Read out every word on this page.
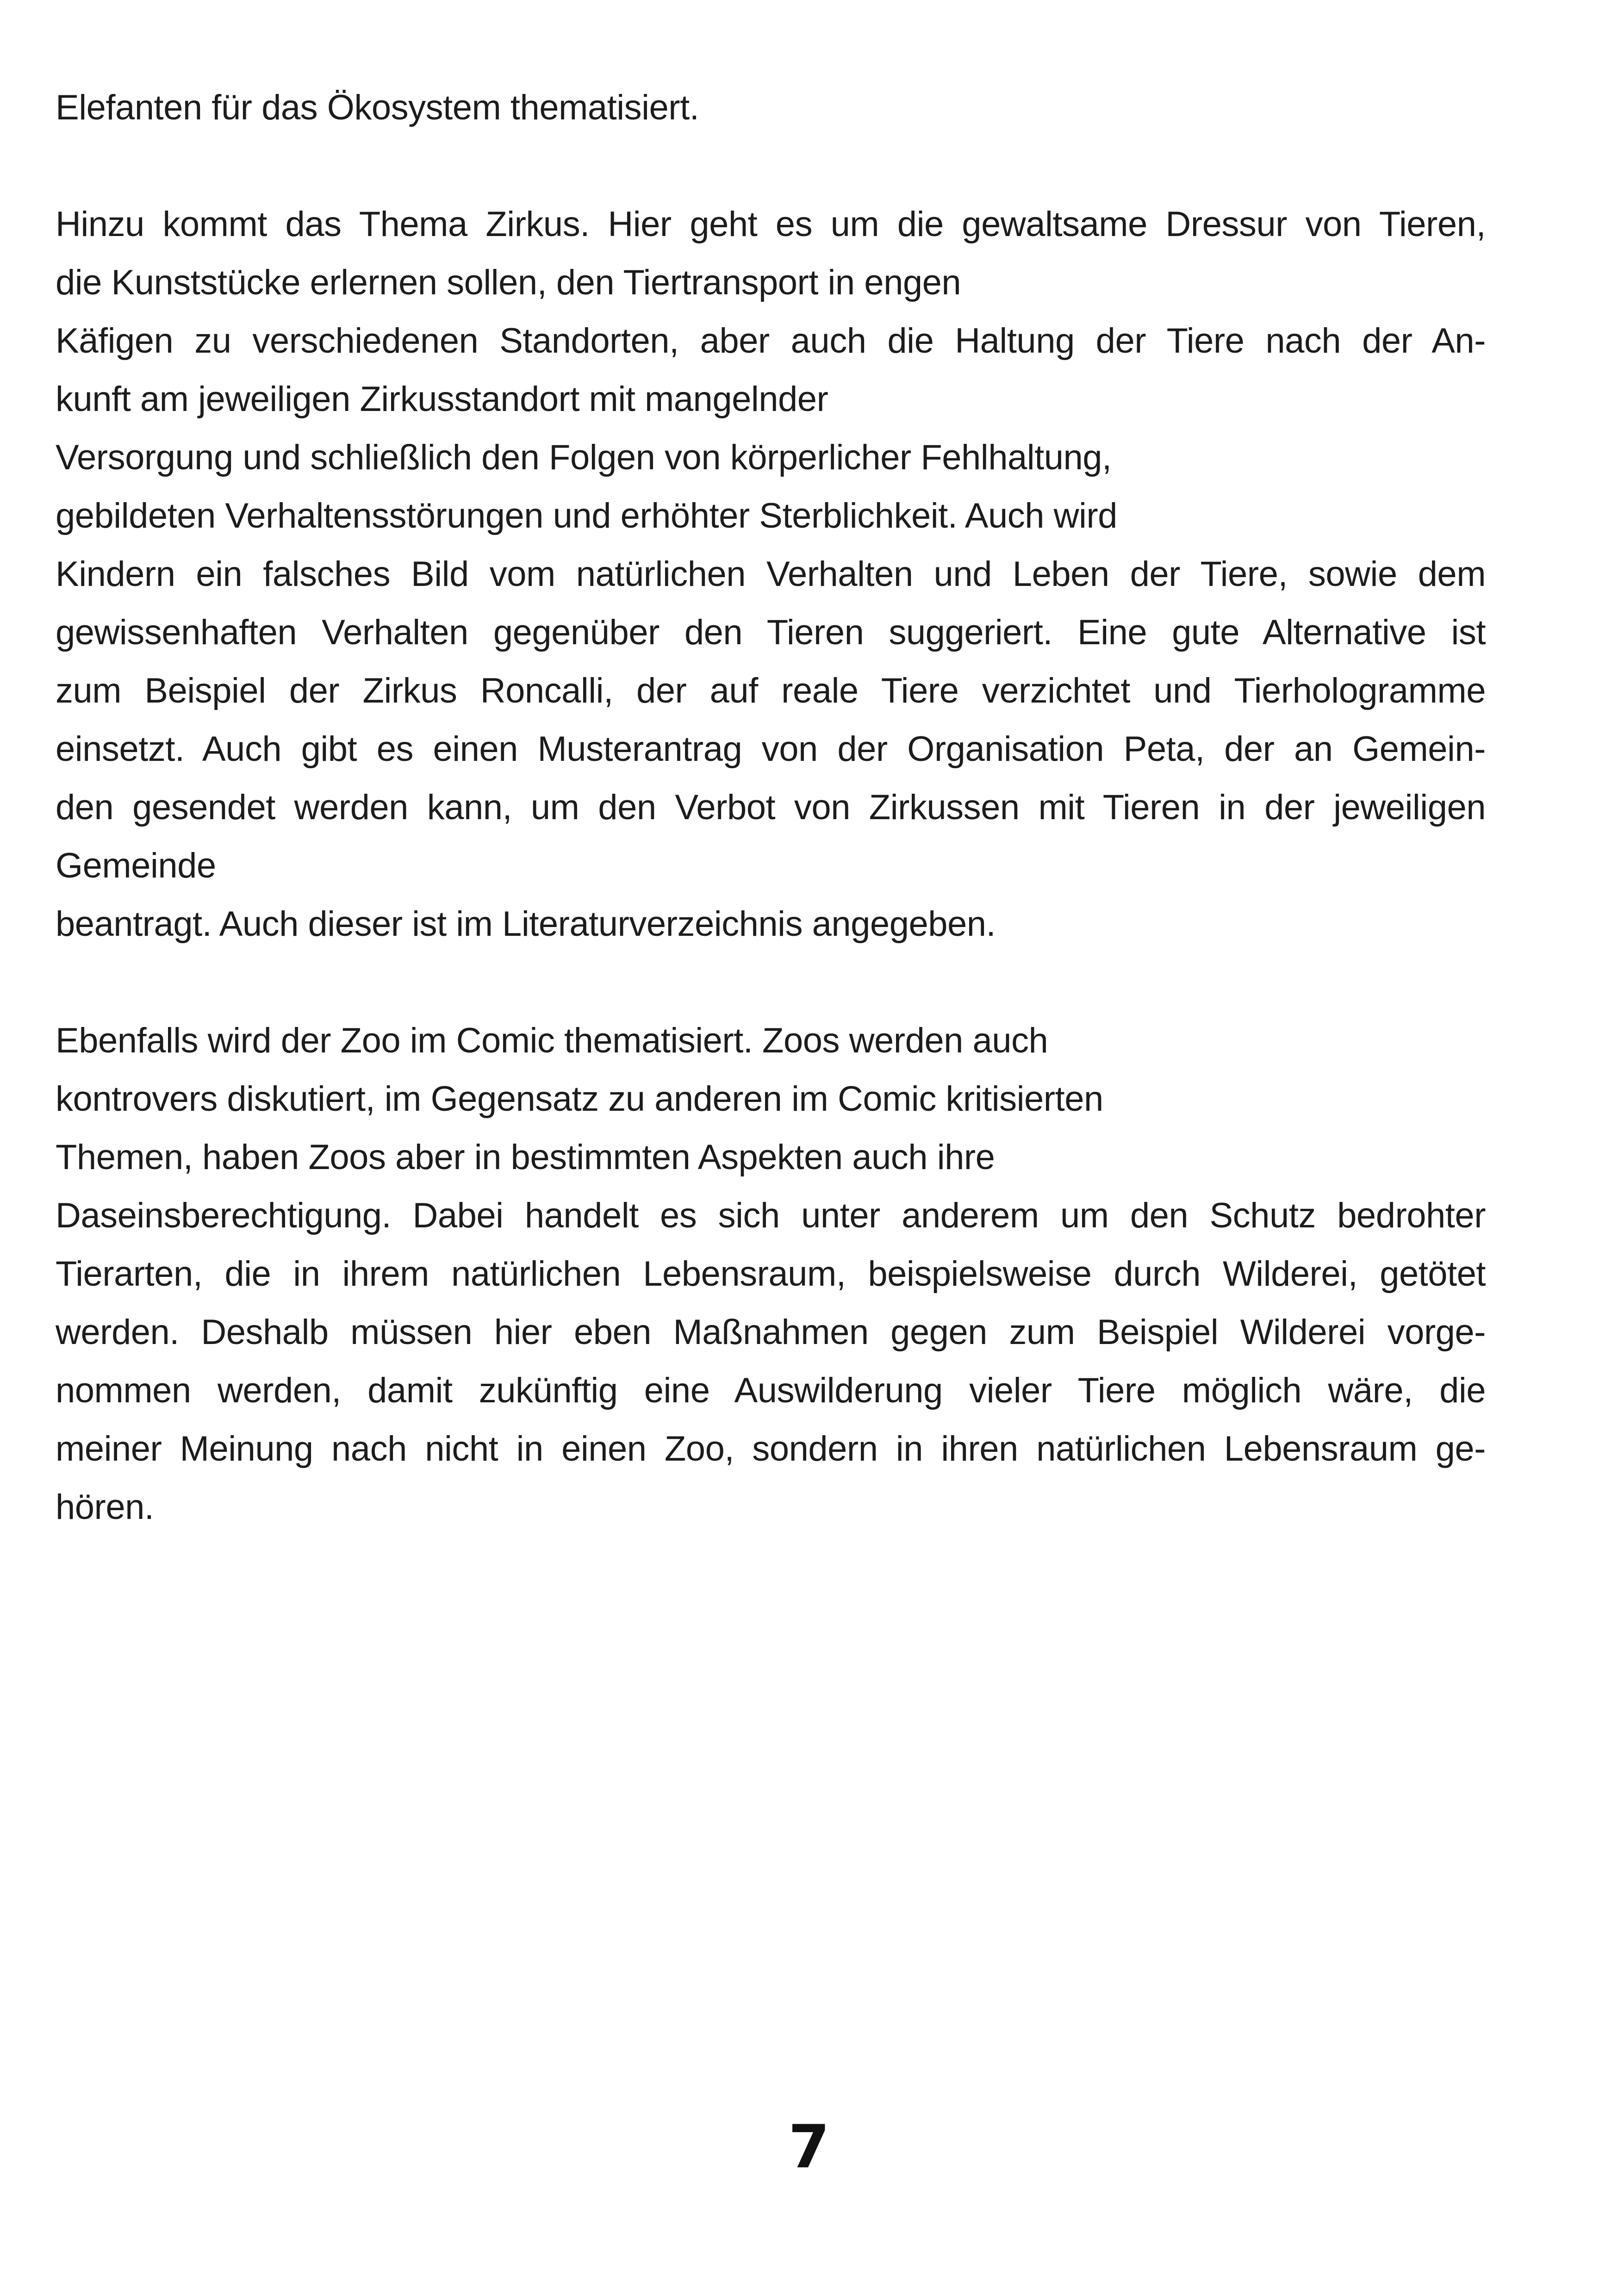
Elefanten für das Ökosystem thematisiert.
Hinzu kommt das Thema Zirkus. Hier geht es um die gewaltsame Dressur von Tieren,
die Kunststücke erlernen sollen, den Tiertransport in engen
Käfigen zu verschiedenen Standorten, aber auch die Haltung der Tiere nach der An-
kunft am jeweiligen Zirkusstandort mit mangelnder
Versorgung und schließlich den Folgen von körperlicher Fehlhaltung,
gebildeten Verhaltensstörungen und erhöhter Sterblichkeit. Auch wird
Kindern ein falsches Bild vom natürlichen Verhalten und Leben der Tiere, sowie dem
gewissenhaften Verhalten gegenüber den Tieren suggeriert. Eine gute Alternative ist
zum Beispiel der Zirkus Roncalli, der auf reale Tiere verzichtet und Tierhologramme
einsetzt. Auch gibt es einen Musterantrag von der Organisation Peta, der an Gemein-
den gesendet werden kann, um den Verbot von Zirkussen mit Tieren in der jeweiligen
Gemeinde
beantragt. Auch dieser ist im Literaturverzeichnis angegeben.
Ebenfalls wird der Zoo im Comic thematisiert. Zoos werden auch
kontrovers diskutiert, im Gegensatz zu anderen im Comic kritisierten
Themen, haben Zoos aber in bestimmten Aspekten auch ihre
Daseinsberechtigung. Dabei handelt es sich unter anderem um den Schutz bedrohter
Tierarten, die in ihrem natürlichen Lebensraum, beispielsweise durch Wilderei, getötet
werden. Deshalb müssen hier eben Maßnahmen gegen zum Beispiel Wilderei vorge-
nommen werden, damit zukünftig eine Auswilderung vieler Tiere möglich wäre, die
meiner Meinung nach nicht in einen Zoo, sondern in ihren natürlichen Lebensraum ge-
hören.
7
